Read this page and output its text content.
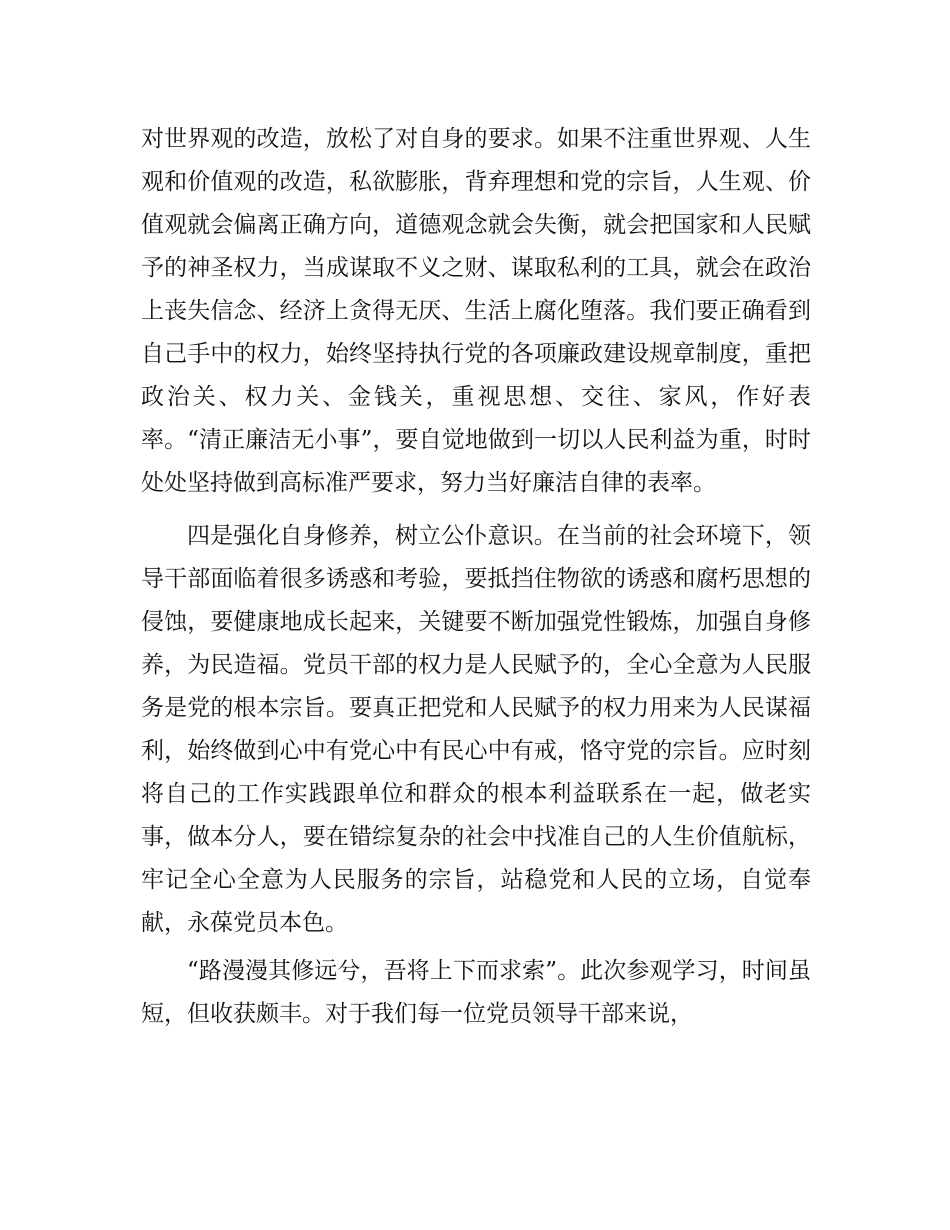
对世界观的改造，放松了对自身的要求。如果不注重世界观、人生观和价值观的改造，私欲膨胀，背弃理想和党的宗旨，人生观、价值观就会偏离正确方向，道德观念就会失衡，就会把国家和人民赋予的神圣权力，当成谋取不义之财、谋取私利的工具，就会在政治上丧失信念、经济上贪得无厌、生活上腐化堕落。我们要正确看到自己手中的权力，始终坚持执行党的各项廉政建设规章制度，重把政治关、权力关、金钱关，重视思想、交往、家风，作好表率。“清正廉洁无小事”，要自觉地做到一切以人民利益为重，时时处处坚持做到高标准严要求，努力当好廉洁自律的表率。

四是强化自身修养，树立公仆意识。在当前的社会环境下，领导干部面临着很多诱惑和考验，要抵挡住物欲的诱惑和腐朽思想的侵蚀，要健康地成长起来，关键要不断加强党性锻炼，加强自身修养，为民造福。党员干部的权力是人民赋予的，全心全意为人民服务是党的根本宗旨。要真正把党和人民赋予的权力用来为人民谋福利，始终做到心中有党心中有民心中有戒，恪守党的宗旨。应时刻将自己的工作实践跟单位和群众的根本利益联系在一起，做老实事，做本分人，要在错综复杂的社会中找准自己的人生价值航标，牢记全心全意为人民服务的宗旨，站稳党和人民的立场，自觉奉献，永葆党员本色。

“路漫漫其修远兮，吾将上下而求索”。此次参观学习，时间虽短，但收获颇丰。对于我们每一位党员领导干部来说，
